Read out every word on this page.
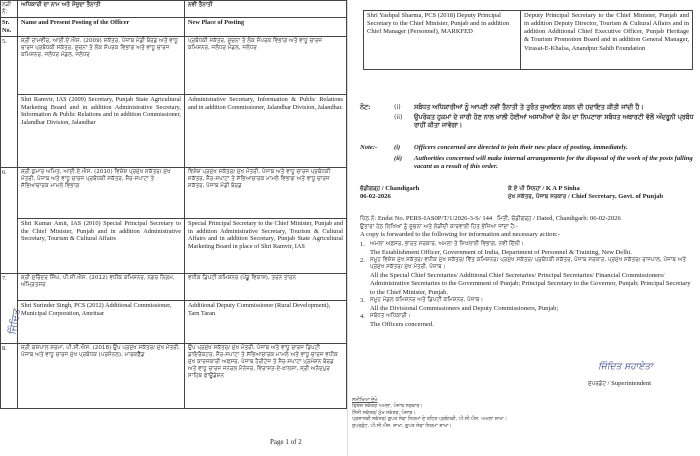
ਲੜੀ ਨੰ:	ਅਧਿਕਾਰੀ ਦਾ ਨਾਮ ਅਤੇ ਮੌਜੂਦਾ ਤੈਨਾਤੀ	ਨਵੀਂ ਤੈਨਾਤੀ
Sr. No.	Name and Present Posting of the Officer	New Place of Posting
5.	ਸ਼੍ਰੀ ਰਾਮਵੀਰ, ਆਈ.ਏ.ਐਸ. (2009) ਸਕੱਤਰ, ਪੰਜਾਬ ਮੰਡੀ ਬੋਰਡ ਅਤੇ ਵਾਧੂ ਚਾਰਜ ਪ੍ਰਬੰਧਕੀ ਸਕੱਤਰ, ਸੂਚਨਾ ਤੇ ਲੋਕ ਸੰਪਰਕ ਵਿਭਾਗ ਅਤੇ ਵਾਧੂ ਚਾਰਜ ਕਮਿਸ਼ਨਰ, ਜਲੰਧਰ ਮੰਡਲ, ਜਲੰਧਰ	ਪ੍ਰਬੰਧਕੀ ਸਕੱਤਰ, ਸੂਚਨਾ ਤੇ ਲੋਕ ਸੰਪਰਕ ਵਿਭਾਗ ਅਤੇ ਵਾਧੂ ਚਾਰਜ ਕਮਿਸ਼ਨਰ, ਜਲੰਧਰ ਮੰਡਲ, ਜਲੰਧਰ
	Shri Ramvir, IAS (2009) Secretary, Punjab State Agricultural Marketing Board and in addition Administrative Secretary, Information & Public Relations and in addition Commissioner, Jalandhar Division, Jalandhar	Administrative Secretary, Information & Public Relations and in addition Commissioner, Jalandhar Division, Jalandhar.
6.	ਸ਼੍ਰੀ ਕੁਮਾਰ ਅਮਿਤ, ਆਈ.ਏ.ਐਸ. (2010) ਵਿਸ਼ੇਸ਼ ਪ੍ਰਮੁੱਖ ਸਕੱਤਰ/ ਮੁੱਖ ਮੰਤਰੀ, ਪੰਜਾਬ ਅਤੇ ਵਾਧੂ ਚਾਰਜ ਪ੍ਰਬੰਧਕੀ ਸਕੱਤਰ, ਸੈਰ-ਸਪਾਟਾ ਤੇ ਸੱਭਿਆਚਾਰਕ ਮਾਮਲੇ ਵਿਭਾਗ	ਵਿਸ਼ੇਸ਼ ਪ੍ਰਮੁੱਖ ਸਕੱਤਰ/ ਮੁੱਖ ਮੰਤਰੀ, ਪੰਜਾਬ ਅਤੇ ਵਾਧੂ ਚਾਰਜ ਪ੍ਰਬੰਧਕੀ ਸਕੱਤਰ, ਸੈਰ-ਸਪਾਟਾ ਤੇ ਸੱਭਿਆਚਾਰਕ ਮਾਮਲੇ ਵਿਭਾਗ ਅਤੇ ਵਾਧੂ ਚਾਰਜ ਸਕੱਤਰ, ਪੰਜਾਬ ਮੰਡੀ ਬੋਰਡ
	Shri Kumar Amit, IAS (2010) Special Principal Secretary to the Chief Minister, Punjab and in addition Administrative Secretary, Tourism & Cultural Affairs	Special Principal Secretary to the Chief Minister, Punjab and in addition Administrative Secretary, Tourism & Cultural Affairs and in addition Secretary, Punjab State Agricultural Marketing Board in place of Shri Ramvir, IAS
7.	ਸ਼੍ਰੀ ਸੁਰਿੰਦਰ ਸਿੰਘ, ਪੀ.ਸੀ.ਐਸ. (2012) ਵਧੀਕ ਕਮਿਸ਼ਨਰ, ਨਗਰ ਨਿਗਮ, ਅੰਮ੍ਰਿਤਸਰ	ਵਧੀਕ ਡਿਪਟੀ ਕਮਿਸ਼ਨਰ (ਪੇਂਡੂ ਵਿਕਾਸ), ਤਰਨ ਤਾਰਨ
	Shri Surinder Singh, PCS (2012) Additional Commissioner, Municipal Corporation, Amritsar	Additional Deputy Commissioner (Rural Development), Tarn Taran
8.	ਸ਼੍ਰੀ ਯਸ਼ਪਾਲ ਸ਼ਰਮਾ, ਪੀ.ਸੀ.ਐਸ. (2018) ਉਪ ਪ੍ਰਮੁੱਖ ਸਕੱਤਰ/ ਮੁੱਖ ਮੰਤਰੀ, ਪੰਜਾਬ ਅਤੇ ਵਾਧੂ ਚਾਰਜ ਮੁੱਖ ਪ੍ਰਬੰਧਕ (ਪਰਸੋਨਲ), ਮਾਰਕਫੈੱਡ	ਉਪ ਪ੍ਰਮੁੱਖ ਸਕੱਤਰ/ ਮੁੱਖ ਮੰਤਰੀ, ਪੰਜਾਬ ਅਤੇ ਵਾਧੂ ਚਾਰਜ ਡਿਪਟੀ ਡਾਇਰੈਕਟਰ, ਸੈਰ-ਸਪਾਟਾ ਤੇ ਸੱਭਿਆਚਾਰਕ ਮਾਮਲੇ ਅਤੇ ਵਾਧੂ ਚਾਰਜ ਵਧੀਕ ਮੁੱਖ ਕਾਰਜਕਾਰੀ ਅਫਸਰ, ਪੰਜਾਬ ਹੈਰੀਟੇਜ ਤੇ ਸੈਰ-ਸਪਾਟਾ ਪ੍ਰਮੋਸ਼ਨ ਬੋਰਡ ਅਤੇ ਵਾਧੂ ਚਾਰਜ ਜਨਰਲ ਮੈਨੇਜਰ, ਵਿਰਾਸਤ-ਏ-ਖ਼ਾਲਸਾ, ਸ੍ਰੀ ਅਨੰਦਪੁਰ ਸਾਹਿਬ ਫਾਊਂਡੇਸ਼ਨ
ਜਿੰਦਿਤ
Page 1 of 2
Shri Yashpal Sharma, PCS (2018) Deputy Principal Secretary to the Chief Minister, Punjab and in addition Chief Manager (Personnel), MARKFED	Deputy Principal Secretary to the Chief Minister, Punjab and in addition Deputy Director, Tourism & Cultural Affairs and in addition Additional Chief Executive Officer, Punjab Heritage & Tourism Promotion Board and in addition General Manager, Virasat-E-Khalsa, Anandpur Sahib Foundation
ਨੋਟ:	(i)	ਸਬੰਧਤ ਅਧਿਕਾਰੀਆਂ ਨੂੰ ਆਪਣੀ ਨਵੀਂ ਤੈਨਾਤੀ ਤੇ ਤੁਰੰਤ ਜੁਆਇਨ ਕਰਨ ਦੀ ਹਦਾਇਤ ਕੀਤੀ ਜਾਂਦੀ ਹੈ।
(ii)	ਉਪਰੋਕਤ ਹੁਕਮਾਂ ਦੇ ਜਾਰੀ ਹੋਣ ਨਾਲ ਖਾਲੀ ਹੋਈਆਂ ਅਸਾਮੀਆਂ ਦੇ ਕੰਮ ਦਾ ਨਿਪਟਾਰਾ ਸਬੰਧਤ ਅਥਾਰਟੀ ਵੱਲੋਂ ਅੰਦਰੂਨੀ ਪ੍ਰਬੰਧ ਰਾਹੀਂ ਕੀਤਾ ਜਾਵੇਗਾ।
Note:-	(i)	Officers concerned are directed to join their new place of posting, immediately.
(ii)	Authorities concerned will make internal arrangements for the disposal of the work of the posts falling vacant as a result of this order.
ਚੰਡੀਗੜ੍ਹ / Chandigarh
06-02-2026
ਕੇ ਏ ਪੀ ਸਿਨਹਾ / K A P Sinha
ਮੁੱਖ ਸਕੱਤਰ, ਪੰਜਾਬ ਸਰਕਾਰ / Chief Secretary, Govt. of Punjab
ਪਿੱਠ.ਨੰ: Endst No. PERS-IAS0P/T/1/2026-3-S/ 144 ਮਿਤੀ, ਚੰਡੀਗੜ੍ਹ / Dated, Chandigarh: 06-02-2026
ਉਤਾਰਾ ਹੇਠ ਲਿਖਿਆਂ ਨੂੰ ਸੂਚਨਾ ਅਤੇ ਲੋੜੀਂਦੀ ਕਾਰਵਾਈ ਹਿਤ ਭੇਜਿਆ ਜਾਂਦਾ ਹੈ:-
A copy is forwarded to the following for information and necessary action:-
1. ਅਮਲਾ ਅਫ਼ਸਰ, ਭਾਰਤ ਸਰਕਾਰ, ਅਮਲਾ ਤੇ ਸਿਖਲਾਈ ਵਿਭਾਗ, ਨਵੀਂ ਦਿੱਲੀ।
The Establishment Officer, Government of India, Department of Personnel & Training, New Delhi.
2. ਸਮੂਹ ਵਿਸ਼ੇਸ਼ ਮੁੱਖ ਸਕੱਤਰ/ ਵਧੀਕ ਮੁੱਖ ਸਕੱਤਰ/ ਵਿੱਤ ਕਮਿਸ਼ਨਰ/ ਪ੍ਰਮੁੱਖ ਸਕੱਤਰ/ ਪ੍ਰਬੰਧਕੀ ਸਕੱਤਰ, ਪੰਜਾਬ ਸਰਕਾਰ, ਪ੍ਰਮੁੱਖ ਸਕੱਤਰ/ ਰਾਜਪਾਲ, ਪੰਜਾਬ ਅਤੇ ਪ੍ਰਮੁੱਖ ਸਕੱਤਰ/ ਮੁੱਖ ਮੰਤਰੀ, ਪੰਜਾਬ।
All the Special Chief Secretaries/ Additional Chief Secretaries/ Principal Secretaries/ Financial Commissioners/ Administrative Secretaries to the Government of Punjab; Principal Secretary to the Governor, Punjab; Principal Secretary to the Chief Minister, Punjab.
3. ਸਮੂਹ ਮੰਡਲ ਕਮਿਸ਼ਨਰ ਅਤੇ ਡਿਪਟੀ ਕਮਿਸ਼ਨਰ, ਪੰਜਾਬ।
All the Divisional Commissioners and Deputy Commissioners, Punjab;
4. ਸਬੰਧਤ ਅਧਿਕਾਰੀ।
The Officers concerned.
ਜਿੰਦਿਤ ਸਹਾਏਤਾ
ਸੁਪਰਡੰਟ / Superintendent
ਸਮੀਖਿਆ ਦੇਖੋ
ਵਿਸ਼ੇਸ਼ ਸਕੱਤਰ ਅਮਲਾ, ਪੰਜਾਬ ਸਰਕਾਰ।
ਨਿੱਜੀ ਸਕੱਤਰ/ ਮੁੱਖ ਸਕੱਤਰ, ਪੰਜਾਬ।
ਪ੍ਰਸ਼ਾਸਕੀ ਸਕੱਤਰ/ ਗੁਪਤ ਸੇਵਾ ਨਿਯਮਾਂ ਦੇ ਤਹਿਤ ਪ੍ਰਬੰਧਕੀ, ਪੀ.ਸੀ.ਐਸ. ਅਮਲਾ ਸ਼ਾਖਾ।
ਸੁਪਰਡੰਟ, ਪੀ.ਸੀ.ਐਸ. ਸ਼ਾਖਾ, ਗੁਪਤ ਸੇਵਾ ਨਿਯਮਾਂ ਸ਼ਾਖਾ।
